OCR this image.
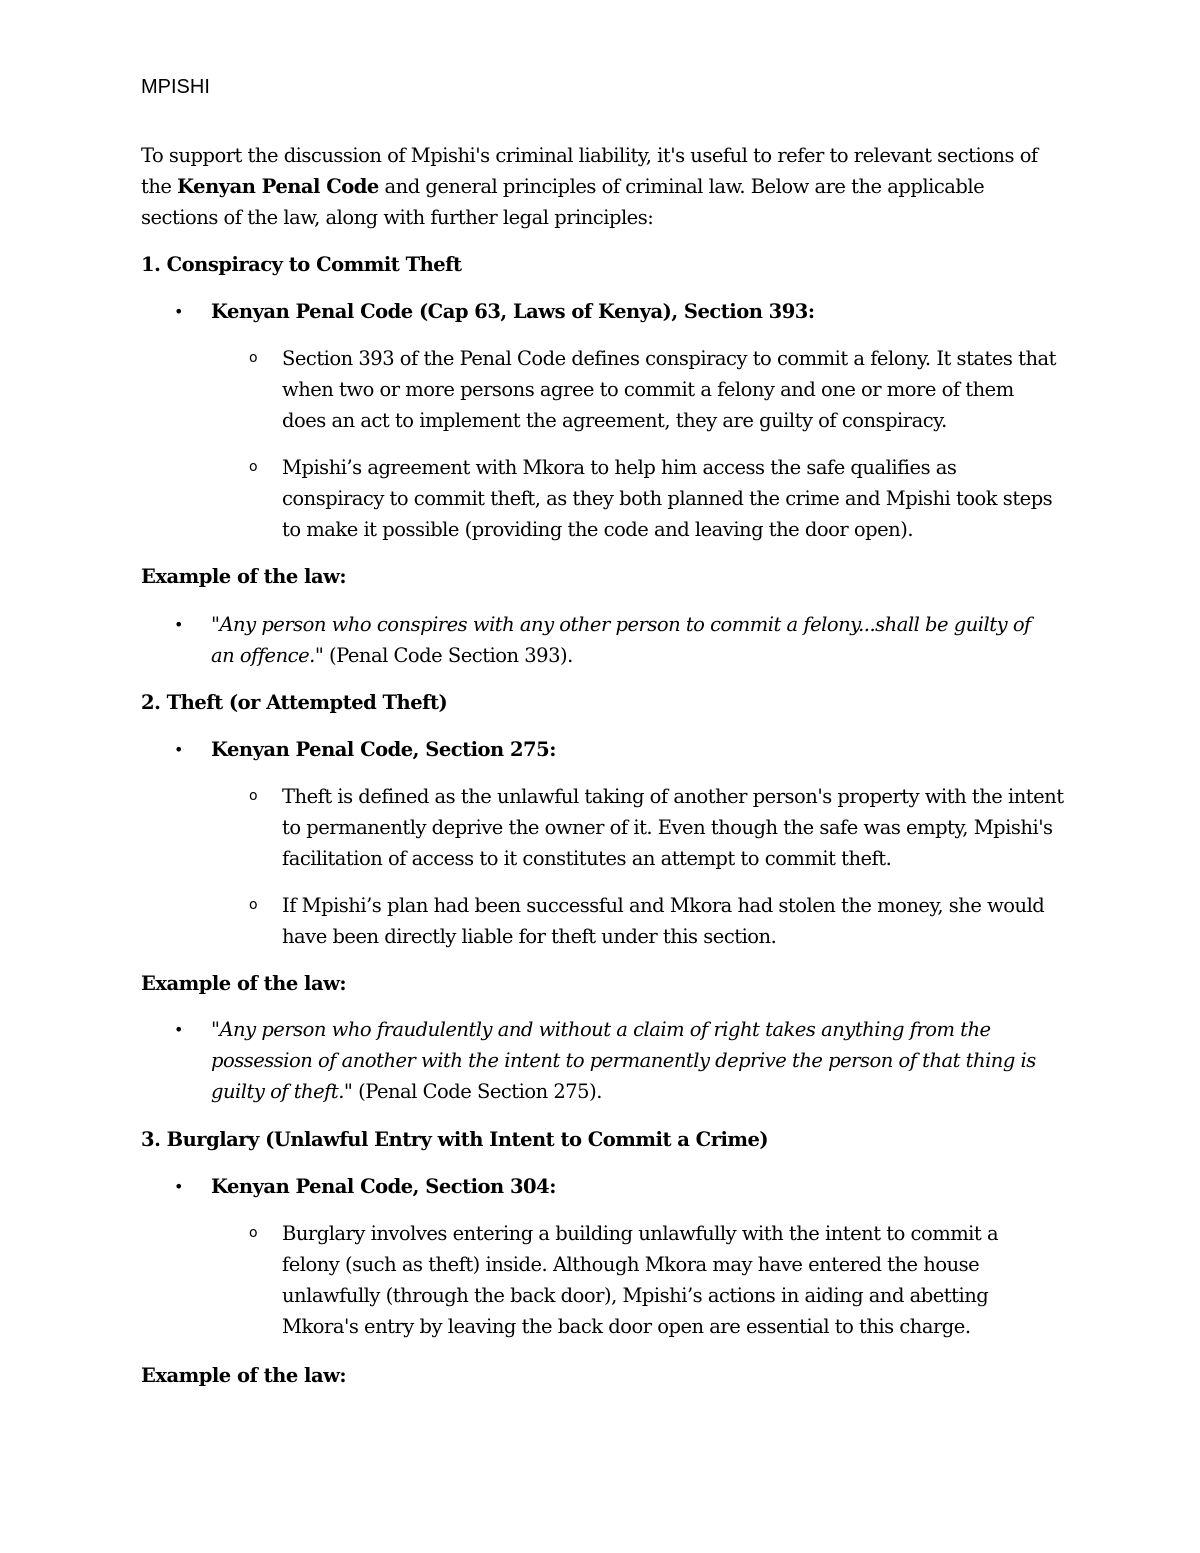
MPISHI

To support the discussion of Mpishi's criminal liability, it's useful to refer to relevant sections of

the Kenyan Penal Code and general principles of criminal law. Below are the applicable

sections of the law, along with further legal principles:

1. Conspiracy to Commit Theft

• Kenyan Penal Code (Cap 63, Laws of Kenya), Section 393:

o Section 393 of the Penal Code defines conspiracy to commit a felony. It states that

when two or more persons agree to commit a felony and one or more of them

does an act to implement the agreement, they are guilty of conspiracy.

o Mpishi’s agreement with Mkora to help him access the safe qualifies as

conspiracy to commit theft, as they both planned the crime and Mpishi took steps

to make it possible (providing the code and leaving the door open).

Example of the law:

• "Any person who conspires with any other person to commit a felony...shall be guilty of

an offence." (Penal Code Section 393).

2. Theft (or Attempted Theft)

• Kenyan Penal Code, Section 275:

o Theft is defined as the unlawful taking of another person's property with the intent

to permanently deprive the owner of it. Even though the safe was empty, Mpishi's

facilitation of access to it constitutes an attempt to commit theft.

o If Mpishi’s plan had been successful and Mkora had stolen the money, she would

have been directly liable for theft under this section.

Example of the law:

• "Any person who fraudulently and without a claim of right takes anything from the

possession of another with the intent to permanently deprive the person of that thing is

guilty of theft." (Penal Code Section 275).

3. Burglary (Unlawful Entry with Intent to Commit a Crime)

• Kenyan Penal Code, Section 304:

o Burglary involves entering a building unlawfully with the intent to commit a

felony (such as theft) inside. Although Mkora may have entered the house

unlawfully (through the back door), Mpishi’s actions in aiding and abetting

Mkora's entry by leaving the back door open are essential to this charge.

Example of the law:
